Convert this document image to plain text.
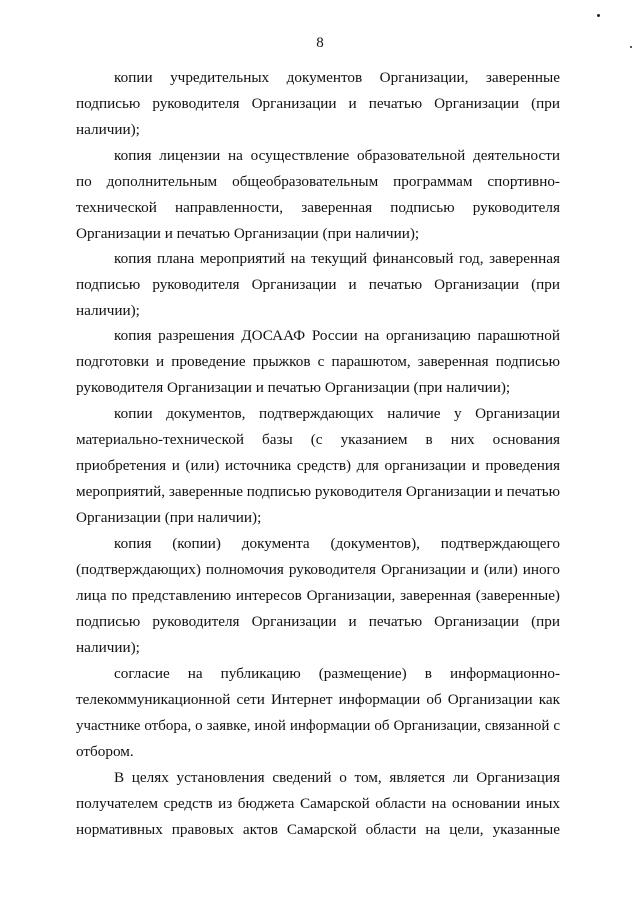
8
копии учредительных документов Организации, заверенные
подписью руководителя Организации и печатью Организации (при
наличии);
копия лицензии на осуществление образовательной деятельности
по дополнительным общеобразовательным программам спортивно-
технической направленности, заверенная подписью руководителя
Организации и печатью Организации (при наличии);
копия плана мероприятий на текущий финансовый год, заверенная
подписью руководителя Организации и печатью Организации (при
наличии);
копия разрешения ДОСААФ России на организацию парашютной
подготовки и проведение прыжков с парашютом, заверенная подписью
руководителя Организации и печатью Организации (при наличии);
копии документов, подтверждающих наличие у Организации
материально-технической базы (с указанием в них основания
приобретения и (или) источника средств) для организации и проведения
мероприятий, заверенные подписью руководителя Организации и печатью
Организации (при наличии);
копия (копии) документа (документов), подтверждающего
(подтверждающих) полномочия руководителя Организации и (или) иного
лица по представлению интересов Организации, заверенная (заверенные)
подписью руководителя Организации и печатью Организации (при
наличии);
согласие на публикацию (размещение) в информационно-
телекоммуникационной сети Интернет информации об Организации как
участнике отбора, о заявке, иной информации об Организации, связанной с
отбором.
В целях установления сведений о том, является ли Организация
получателем средств из бюджета Самарской области на основании иных
нормативных правовых актов Самарской области на цели, указанные
